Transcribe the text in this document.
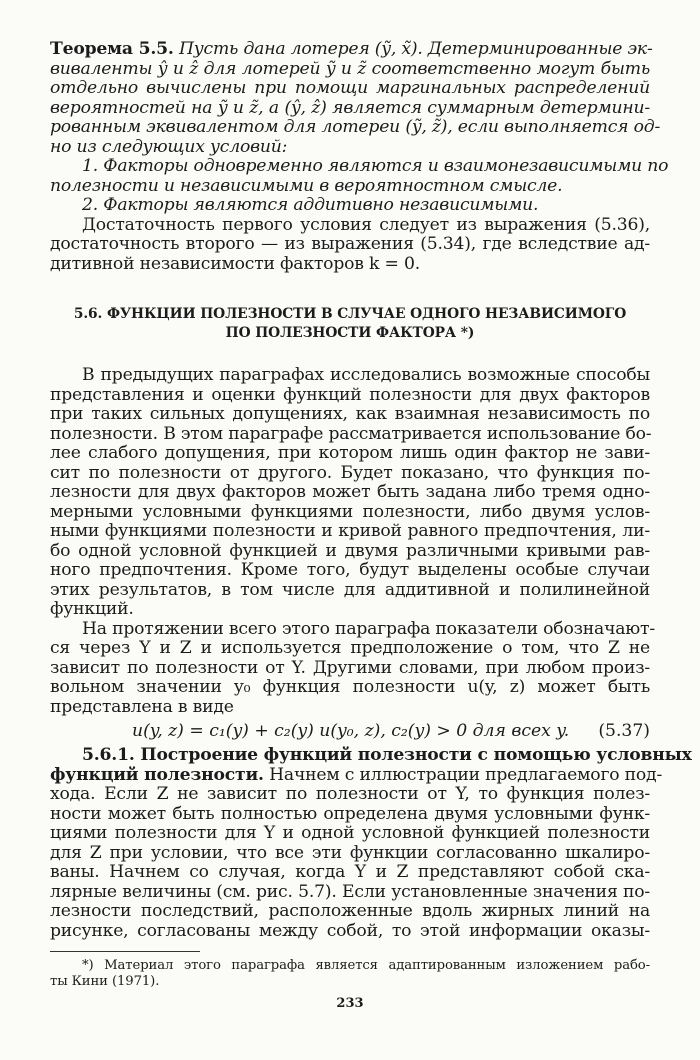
Теорема 5.5. Пусть дана лотерея (ỹ, x̃). Детерминированные эк-

виваленты ŷ и ẑ для лотерей ỹ и z̃ соответственно могут быть

отдельно вычислены при помощи маргинальных распределений

вероятностей на ỹ и z̃, а (ŷ, ẑ) является суммарным детермини-

рованным эквивалентом для лотереи (ỹ, z̃), если выполняется од-

но из следующих условий:

1. Факторы одновременно являются и взаимонезависимыми по

полезности и независимыми в вероятностном смысле.

2. Факторы являются аддитивно независимыми.

Достаточность первого условия следует из выражения (5.36),

достаточность второго — из выражения (5.34), где вследствие ад-

дитивной независимости факторов k = 0.

5.6. ФУНКЦИИ ПОЛЕЗНОСТИ В СЛУЧАЕ ОДНОГО НЕЗАВИСИМОГО

ПО ПОЛЕЗНОСТИ ФАКТОРА *)

В предыдущих параграфах исследовались возможные способы

представления и оценки функций полезности для двух факторов

при таких сильных допущениях, как взаимная независимость по

полезности. В этом параграфе рассматривается использование бо-

лее слабого допущения, при котором лишь один фактор не зави-

сит по полезности от другого. Будет показано, что функция по-

лезности для двух факторов может быть задана либо тремя одно-

мерными условными функциями полезности, либо двумя услов-

ными функциями полезности и кривой равного предпочтения, ли-

бо одной условной функцией и двумя различными кривыми рав-

ного предпочтения. Кроме того, будут выделены особые случаи

этих результатов, в том числе для аддитивной и полилинейной

функций.

На протяжении всего этого параграфа показатели обозначают-

ся через Y и Z и используется предположение о том, что Z не

зависит по полезности от Y. Другими словами, при любом произ-

вольном значении y₀ функция полезности u(y, z) может быть

представлена в виде

u(y, z) = c₁(y) + c₂(y) u(y₀, z), c₂(y) > 0 для всех y. (5.37)

5.6.1. Построение функций полезности с помощью условных

функций полезности. Начнем с иллюстрации предлагаемого под-

хода. Если Z не зависит по полезности от Y, то функция полез-

ности может быть полностью определена двумя условными функ-

циями полезности для Y и одной условной функцией полезности

для Z при условии, что все эти функции согласованно шкалиро-

ваны. Начнем со случая, когда Y и Z представляют собой ска-

лярные величины (см. рис. 5.7). Если установленные значения по-

лезности последствий, расположенные вдоль жирных линий на

рисунке, согласованы между собой, то этой информации оказы-

*) Материал этого параграфа является адаптированным изложением рабо-

ты Кини (1971).

233
